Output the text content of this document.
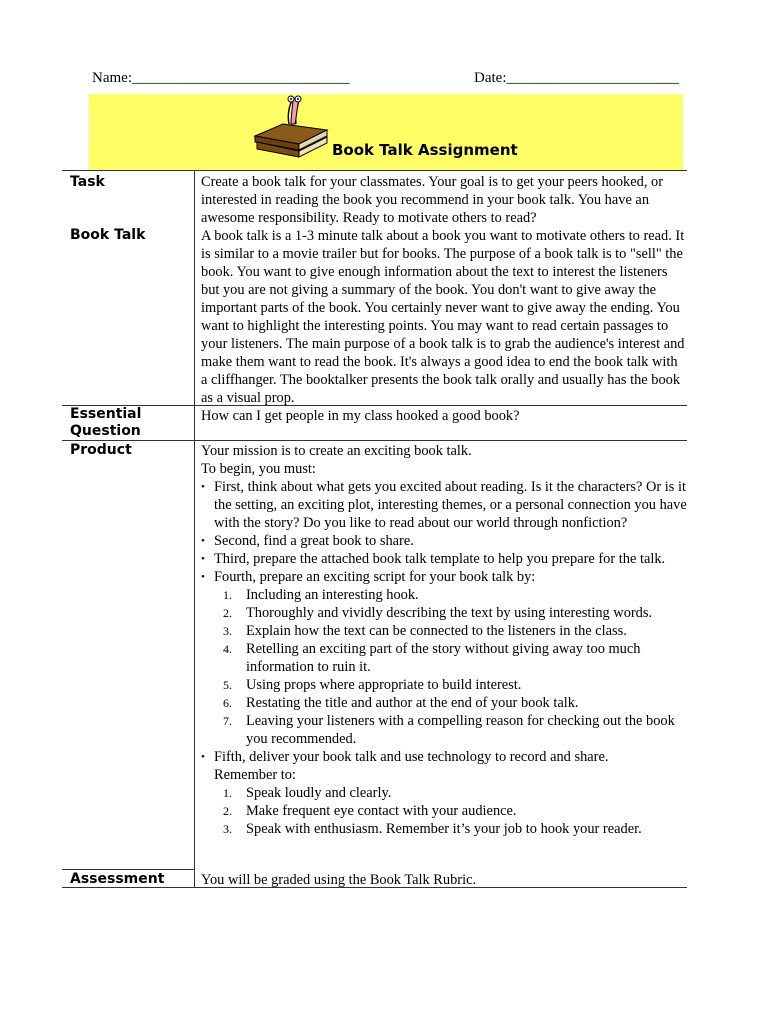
Name:_____________________________	Date:_______________________
Book Talk Assignment
Task
Book Talk
Essential
Question
Product
Assessment
Create a book talk for your classmates. Your goal is to get your peers hooked, or interested in reading the book you recommend in your book talk. You have an awesome responsibility. Ready to motivate others to read?
A book talk is a 1-3 minute talk about a book you want to motivate others to read. It is similar to a movie trailer but for books. The purpose of a book talk is to "sell" the book. You want to give enough information about the text to interest the listeners but you are not giving a summary of the book. You don't want to give away the important parts of the book. You certainly never want to give away the ending. You want to highlight the interesting points. You may want to read certain passages to your listeners. The main purpose of a book talk is to grab the audience's interest and make them want to read the book. It's always a good idea to end the book talk with a cliffhanger. The booktalker presents the book talk orally and usually has the book as a visual prop.
How can I get people in my class hooked a good book?
Your mission is to create an exciting book talk.
To begin, you must:
• First, think about what gets you excited about reading. Is it the characters? Or is it the setting, an exciting plot, interesting themes, or a personal connection you have with the story? Do you like to read about our world through nonfiction?
• Second, find a great book to share.
• Third, prepare the attached book talk template to help you prepare for the talk.
• Fourth, prepare an exciting script for your book talk by:
1. Including an interesting hook.
2. Thoroughly and vividly describing the text by using interesting words.
3. Explain how the text can be connected to the listeners in the class.
4. Retelling an exciting part of the story without giving away too much information to ruin it.
5. Using props where appropriate to build interest.
6. Restating the title and author at the end of your book talk.
7. Leaving your listeners with a compelling reason for checking out the book you recommended.
• Fifth, deliver your book talk and use technology to record and share.
Remember to:
1. Speak loudly and clearly.
2. Make frequent eye contact with your audience.
3. Speak with enthusiasm. Remember it’s your job to hook your reader.
You will be graded using the Book Talk Rubric.
